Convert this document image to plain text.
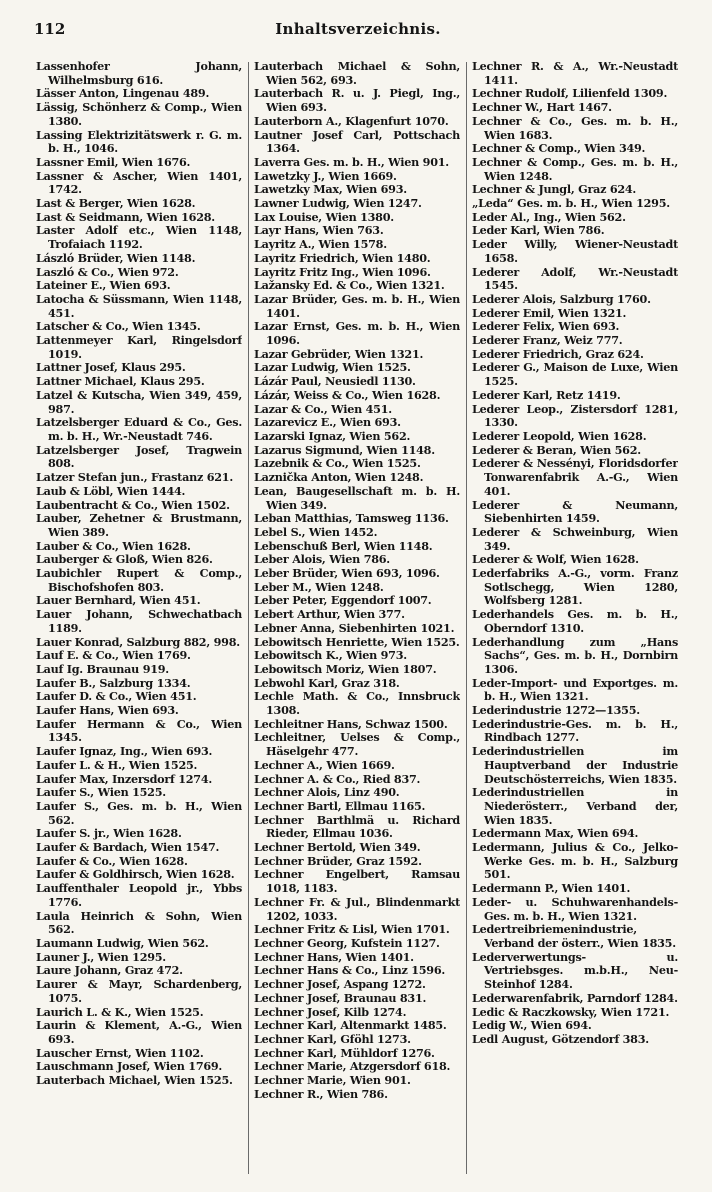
112	Inhaltsverzeichnis.
Lassenhofer Johann, Wilhelmsburg 616.
Lässer Anton, Lingenau 489.
Lässig, Schönherz & Comp., Wien 1380.
Lassing Elektrizitätswerk r. G. m. b. H., 1046.
Lassner Emil, Wien 1676.
Lassner & Ascher, Wien 1401, 1742.
Last & Berger, Wien 1628.
Last & Seidmann, Wien 1628.
Laster Adolf etc., Wien 1148, Trofaiach 1192.
László Brüder, Wien 1148.
Laszló & Co., Wien 972.
Lateiner E., Wien 693.
Latocha & Süssmann, Wien 1148, 451.
Latscher & Co., Wien 1345.
Lattenmeyer Karl, Ringelsdorf 1019.
Lattner Josef, Klaus 295.
Lattner Michael, Klaus 295.
Latzel & Kutscha, Wien 349, 459, 987.
Latzelsberger Eduard & Co., Ges. m. b. H., Wr.-Neustadt 746.
Latzelsberger Josef, Tragwein 808.
Latzer Stefan jun., Frastanz 621.
Laub & Löbl, Wien 1444.
Laubentracht & Co., Wien 1502.
Lauber, Zehetner & Brustmann, Wien 389.
Lauber & Co., Wien 1628.
Lauberger & Gloß, Wien 826.
Laubichler Rupert & Comp., Bischofshofen 803.
Lauer Bernhard, Wien 451.
Lauer Johann, Schwechatbach 1189.
Lauer Konrad, Salzburg 882, 998.
Lauf E. & Co., Wien 1769.
Lauf Ig. Braunau 919.
Laufer B., Salzburg 1334.
Laufer D. & Co., Wien 451.
Laufer Hans, Wien 693.
Laufer Hermann & Co., Wien 1345.
Laufer Ignaz, Ing., Wien 693.
Laufer L. & H., Wien 1525.
Laufer Max, Inzersdorf 1274.
Laufer S., Wien 1525.
Laufer S., Ges. m. b. H., Wien 562.
Laufer S. jr., Wien 1628.
Laufer & Bardach, Wien 1547.
Laufer & Co., Wien 1628.
Laufer & Goldhirsch, Wien 1628.
Lauffenthaler Leopold jr., Ybbs 1776.
Laula Heinrich & Sohn, Wien 562.
Laumann Ludwig, Wien 562.
Launer J., Wien 1295.
Laure Johann, Graz 472.
Laurer & Mayr, Schardenberg, 1075.
Laurich L. & K., Wien 1525.
Laurin & Klement, A.-G., Wien 693.
Lauscher Ernst, Wien 1102.
Lauschmann Josef, Wien 1769.
Lauterbach Michael, Wien 1525.
Lauterbach Michael & Sohn, Wien 562, 693.
Lauterbach R. u. J. Piegl, Ing., Wien 693.
Lauterborn A., Klagenfurt 1070.
Lautner Josef Carl, Pottschach 1364.
Laverra Ges. m. b. H., Wien 901.
Lawetzky J., Wien 1669.
Lawetzky Max, Wien 693.
Lawner Ludwig, Wien 1247.
Lax Louise, Wien 1380.
Layr Hans, Wien 763.
Layritz A., Wien 1578.
Layritz Friedrich, Wien 1480.
Layritz Fritz Ing., Wien 1096.
Lažansky Ed. & Co., Wien 1321.
Lazar Brüder, Ges. m. b. H., Wien 1401.
Lazar Ernst, Ges. m. b. H., Wien 1096.
Lazar Gebrüder, Wien 1321.
Lazar Ludwig, Wien 1525.
Lázár Paul, Neusiedl 1130.
Lázár, Weiss & Co., Wien 1628.
Lazar & Co., Wien 451.
Lazarevicz E., Wien 693.
Lazarski Ignaz, Wien 562.
Lazarus Sigmund, Wien 1148.
Lazebnik & Co., Wien 1525.
Laznička Anton, Wien 1248.
Lean, Baugesellschaft m. b. H. Wien 349.
Leban Matthias, Tamsweg 1136.
Lebel S., Wien 1452.
Lebenschuß Berl, Wien 1148.
Leber Alois, Wien 786.
Leber Brüder, Wien 693, 1096.
Leber M., Wien 1248.
Leber Peter, Eggendorf 1007.
Lebert Arthur, Wien 377.
Lebner Anna, Siebenhirten 1021.
Lebowitsch Henriette, Wien 1525.
Lebowitsch K., Wien 973.
Lebowitsch Moriz, Wien 1807.
Lebwohl Karl, Graz 318.
Lechle Math. & Co., Innsbruck 1308.
Lechleitner Hans, Schwaz 1500.
Lechleitner, Uelses & Comp., Häselgehr 477.
Lechner A., Wien 1669.
Lechner A. & Co., Ried 837.
Lechner Alois, Linz 490.
Lechner Bartl, Ellmau 1165.
Lechner Barthlmä u. Richard Rieder, Ellmau 1036.
Lechner Bertold, Wien 349.
Lechner Brüder, Graz 1592.
Lechner Engelbert, Ramsau 1018, 1183.
Lechner Fr. & Jul., Blindenmarkt 1202, 1033.
Lechner Fritz & Lisl, Wien 1701.
Lechner Georg, Kufstein 1127.
Lechner Hans, Wien 1401.
Lechner Hans & Co., Linz 1596.
Lechner Josef, Aspang 1272.
Lechner Josef, Braunau 831.
Lechner Josef, Kilb 1274.
Lechner Karl, Altenmarkt 1485.
Lechner Karl, Gföhl 1273.
Lechner Karl, Mühldorf 1276.
Lechner Marie, Atzgersdorf 618.
Lechner Marie, Wien 901.
Lechner R., Wien 786.
Lechner R. & A., Wr.-Neustadt 1411.
Lechner Rudolf, Lilienfeld 1309.
Lechner W., Hart 1467.
Lechner & Co., Ges. m. b. H., Wien 1683.
Lechner & Comp., Wien 349.
Lechner & Comp., Ges. m. b. H., Wien 1248.
Lechner & Jungl, Graz 624.
„Leda“ Ges. m. b. H., Wien 1295.
Leder Al., Ing., Wien 562.
Leder Karl, Wien 786.
Leder Willy, Wiener-Neustadt 1658.
Lederer Adolf, Wr.-Neustadt 1545.
Lederer Alois, Salzburg 1760.
Lederer Emil, Wien 1321.
Lederer Felix, Wien 693.
Lederer Franz, Weiz 777.
Lederer Friedrich, Graz 624.
Lederer G., Maison de Luxe, Wien 1525.
Lederer Karl, Retz 1419.
Lederer Leop., Zistersdorf 1281, 1330.
Lederer Leopold, Wien 1628.
Lederer & Beran, Wien 562.
Lederer & Nessényi, Floridsdorfer Tonwarenfabrik A.-G., Wien 401.
Lederer & Neumann, Siebenhirten 1459.
Lederer & Schweinburg, Wien 349.
Lederer & Wolf, Wien 1628.
Lederfabriks A.-G., vorm. Franz Sotlschegg, Wien 1280, Wolfsberg 1281.
Lederhandels Ges. m. b. H., Oberndorf 1310.
Lederhandlung zum „Hans Sachs“, Ges. m. b. H., Dornbirn 1306.
Leder-Import- und Exportges. m. b. H., Wien 1321.
Lederindustrie 1272—1355.
Lederindustrie-Ges. m. b. H., Rindbach 1277.
Lederindustriellen im Hauptverband der Industrie Deutschösterreichs, Wien 1835.
Lederindustriellen in Niederösterr., Verband der, Wien 1835.
Ledermann Max, Wien 694.
Ledermann, Julius & Co., Jelko-Werke Ges. m. b. H., Salzburg 501.
Ledermann P., Wien 1401.
Leder- u. Schuhwarenhandels-Ges. m. b. H., Wien 1321.
Ledertreibriemenindustrie, Verband der österr., Wien 1835.
Lederverwertungs- u. Vertriebsges. m.b.H., Neu-Steinhof 1284.
Lederwarenfabrik, Parndorf 1284.
Ledic & Raczkowsky, Wien 1721.
Ledig W., Wien 694.
Ledl August, Götzendorf 383.
